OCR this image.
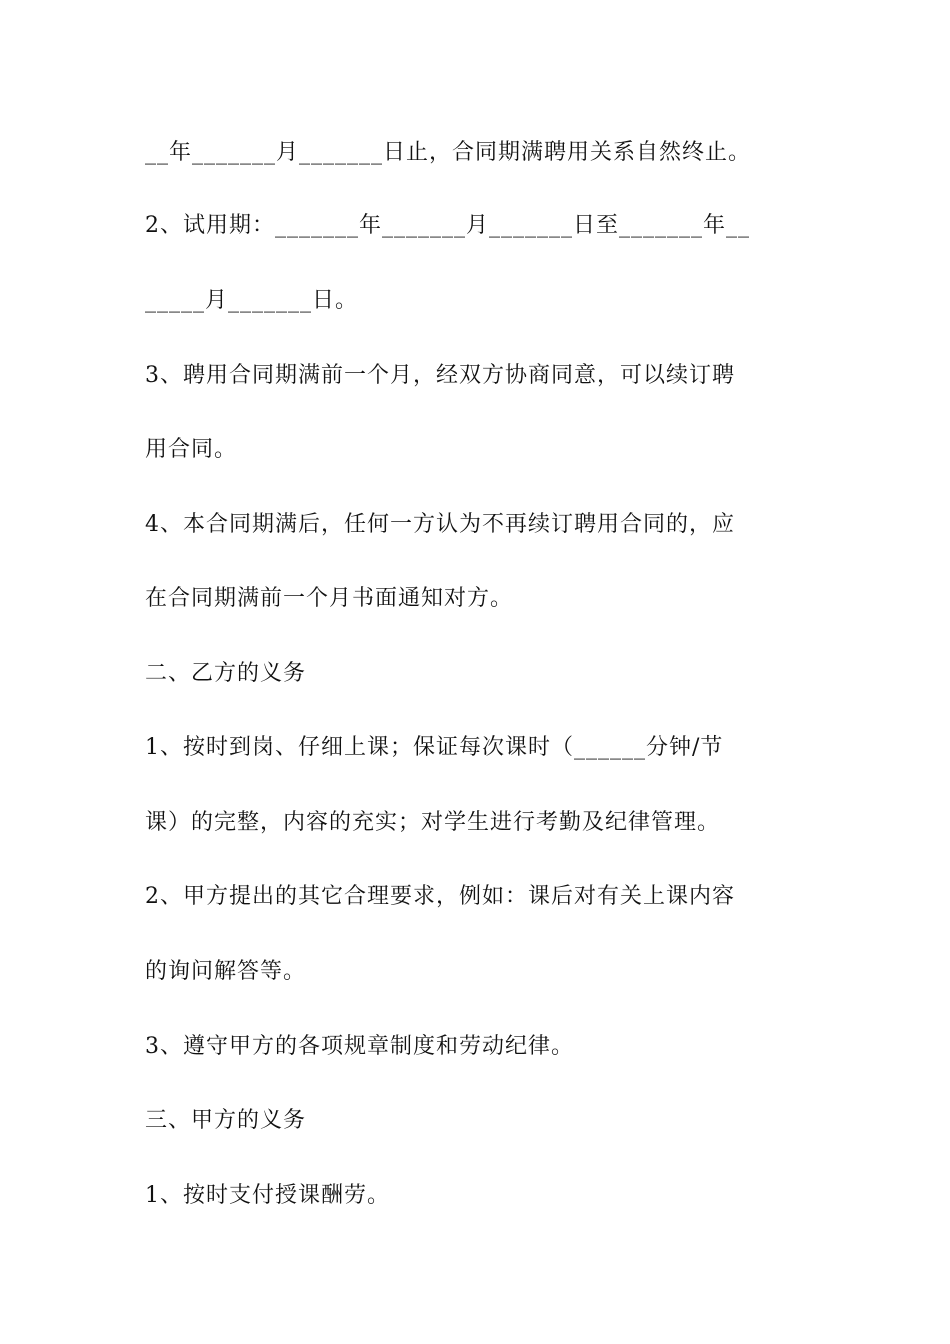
__年_______月_______日止，合同期满聘用关系自然终止。
2、试用期：_______年_______月_______日至_______年__
_____月_______日。
3、聘用合同期满前一个月，经双方协商同意，可以续订聘
用合同。
4、本合同期满后，任何一方认为不再续订聘用合同的，应
在合同期满前一个月书面通知对方。
二、乙方的义务
1、按时到岗、仔细上课；保证每次课时（______分钟/节
课）的完整，内容的充实；对学生进行考勤及纪律管理。
2、甲方提出的其它合理要求，例如：课后对有关上课内容
的询问解答等。
3、遵守甲方的各项规章制度和劳动纪律。
三、甲方的义务
1、按时支付授课酬劳。
